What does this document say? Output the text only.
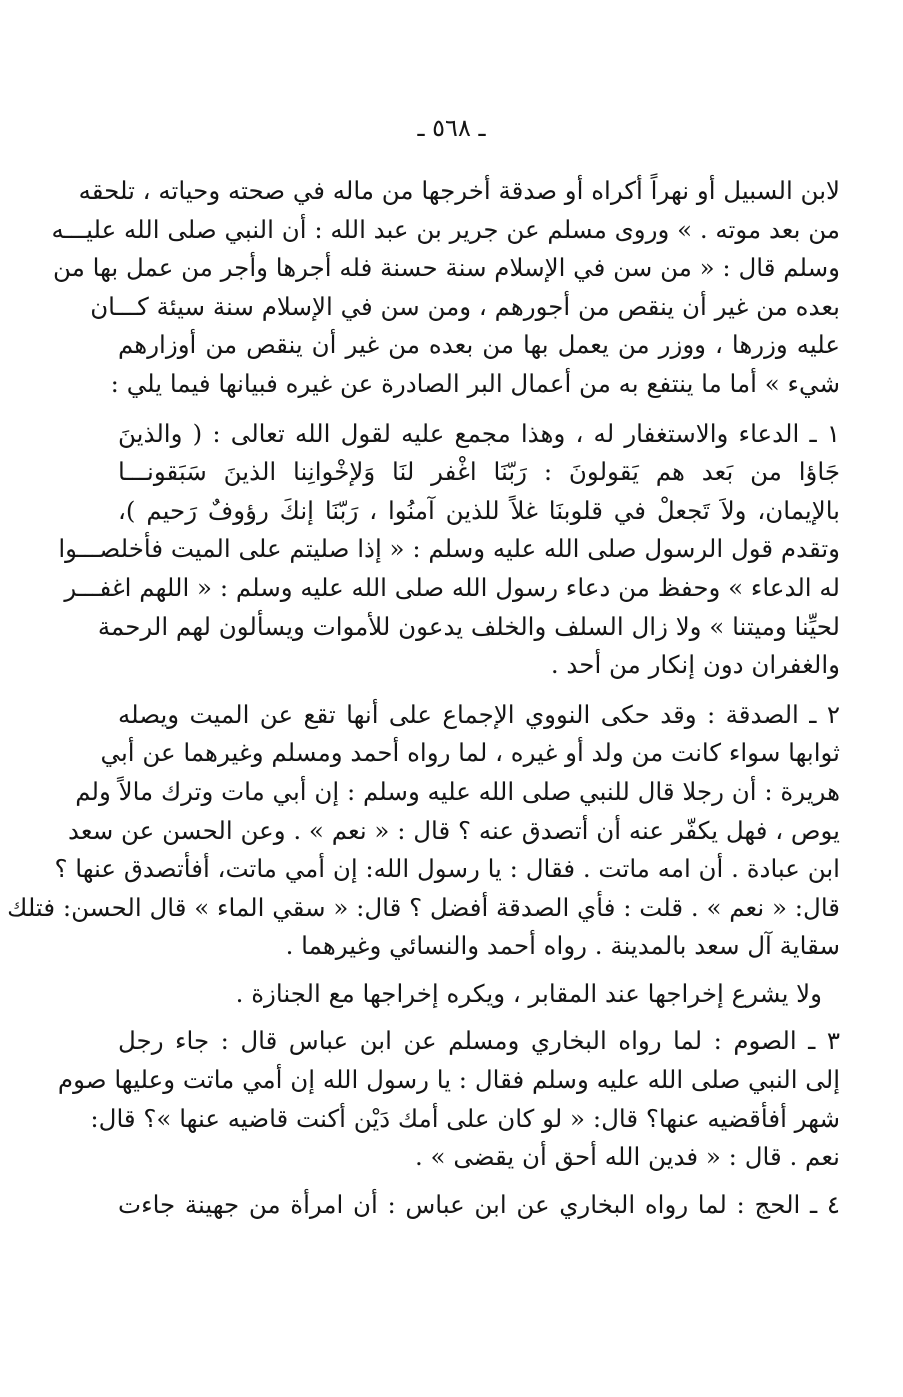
ـ ٥٦٨ ـ
لابن السبيل أو نهراً أكراه أو صدقة أخرجها من ماله في صحته وحياته ، تلحقه
من بعد موته . » وروى مسلم عن جرير بن عبد الله : أن النبي صلى الله عليـــه
وسلم قال : « من سن في الإسلام سنة حسنة فله أجرها وأجر من عمل بها من
بعده من غير أن ينقص من أجورهم ، ومن سن في الإسلام سنة سيئة كـــان
عليه وزرها ، ووزر من يعمل بها من بعده من غير أن ينقص من أوزارهم
شيء » أما ما ينتفع به من أعمال البر الصادرة عن غيره فبيانها فيما يلي :
١ ـ الدعاء والاستغفار له ، وهذا مجمع عليه لقول الله تعالى : ( والذينَ
جَاؤا من بَعد هم يَقولونَ : رَبّنَا اغْفر لنَا وَلإخْوانِنا الذينَ سَبَقونـــا
بالإيمان، ولاَ تَجعلْ في قلوبنَا غلاً للذين آمنُوا ، رَبّنَا إنكَ رؤوفٌ رَحيم )،
وتقدم قول الرسول صلى الله عليه وسلم : « إذا صليتم على الميت فأخلصـــوا
له الدعاء » وحفظ من دعاء رسول الله صلى الله عليه وسلم : « اللهم اغفـــر
لحيِّنا وميتنا » ولا زال السلف والخلف يدعون للأموات ويسألون لهم الرحمة
والغفران دون إنكار من أحد .
٢ ـ الصدقة : وقد حكى النووي الإجماع على أنها تقع عن الميت ويصله
ثوابها سواء كانت من ولد أو غيره ، لما رواه أحمد ومسلم وغيرهما عن أبي
هريرة : أن رجلا قال للنبي صلى الله عليه وسلم : إن أبي مات وترك مالاً ولم
يوص ، فهل يكفّر عنه أن أتصدق عنه ؟ قال : « نعم » . وعن الحسن عن سعد
ابن عبادة . أن امه ماتت . فقال : يا رسول الله: إن أمي ماتت، أفأتصدق عنها ؟
قال: « نعم » . قلت : فأي الصدقة أفضل ؟ قال: « سقي الماء » قال الحسن: فتلك
سقاية آل سعد بالمدينة . رواه أحمد والنسائي وغيرهما .
ولا يشرع إخراجها عند المقابر ، ويكره إخراجها مع الجنازة .
٣ ـ الصوم : لما رواه البخاري ومسلم عن ابن عباس قال : جاء رجل
إلى النبي صلى الله عليه وسلم فقال : يا رسول الله إن أمي ماتت وعليها صوم
شهر أفأقضيه عنها؟ قال: « لو كان على أمك دَيْن أكنت قاضيه عنها »؟ قال:
نعم . قال : « فدين الله أحق أن يقضى » .
٤ ـ الحج : لما رواه البخاري عن ابن عباس : أن امرأة من جهينة جاءت
